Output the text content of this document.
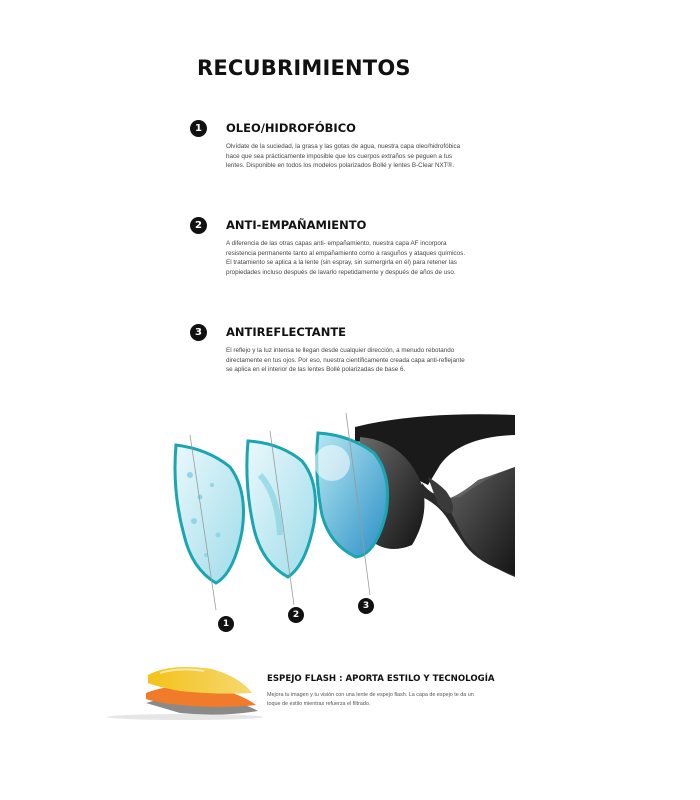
RECUBRIMIENTOS
1	OLEO/HIDROFÓBICO
Olvídate de la suciedad, la grasa y las gotas de agua, nuestra capa oleo/hidrofóbica hace que sea prácticamente imposible que los cuerpos extraños se peguen a tus lentes. Disponible en todos los modelos polarizados Bollé y lentes B-Clear NXT®.
2	ANTI-EMPAÑAMIENTO
A diferencia de las otras capas anti- empañamiento, nuestra capa AF incorpora resistencia permanente tanto al empañamiento como a rasguños y ataques químicos. El tratamiento se aplica a la lente (sin espray, sin sumergirla en él) para retener las propiedades incluso después de lavarlo repetidamente y después de años de uso.
3	ANTIREFLECTANTE
El reflejo y la luz intensa te llegan desde cualquier dirección, a menudo rebotando directamente en tus ojos. Por eso, nuestra científicamente creada capa anti-reflejante se aplica en el interior de las lentes Bollé polarizadas de base 6.
1
2
3
ESPEJO FLASH : APORTA ESTILO Y TECNOLOGÍA
Mejora tu imagen y tu visión con una lente de espejo flash. La capa de espejo te da un toque de estilo mientras refuerza el filtrado.
